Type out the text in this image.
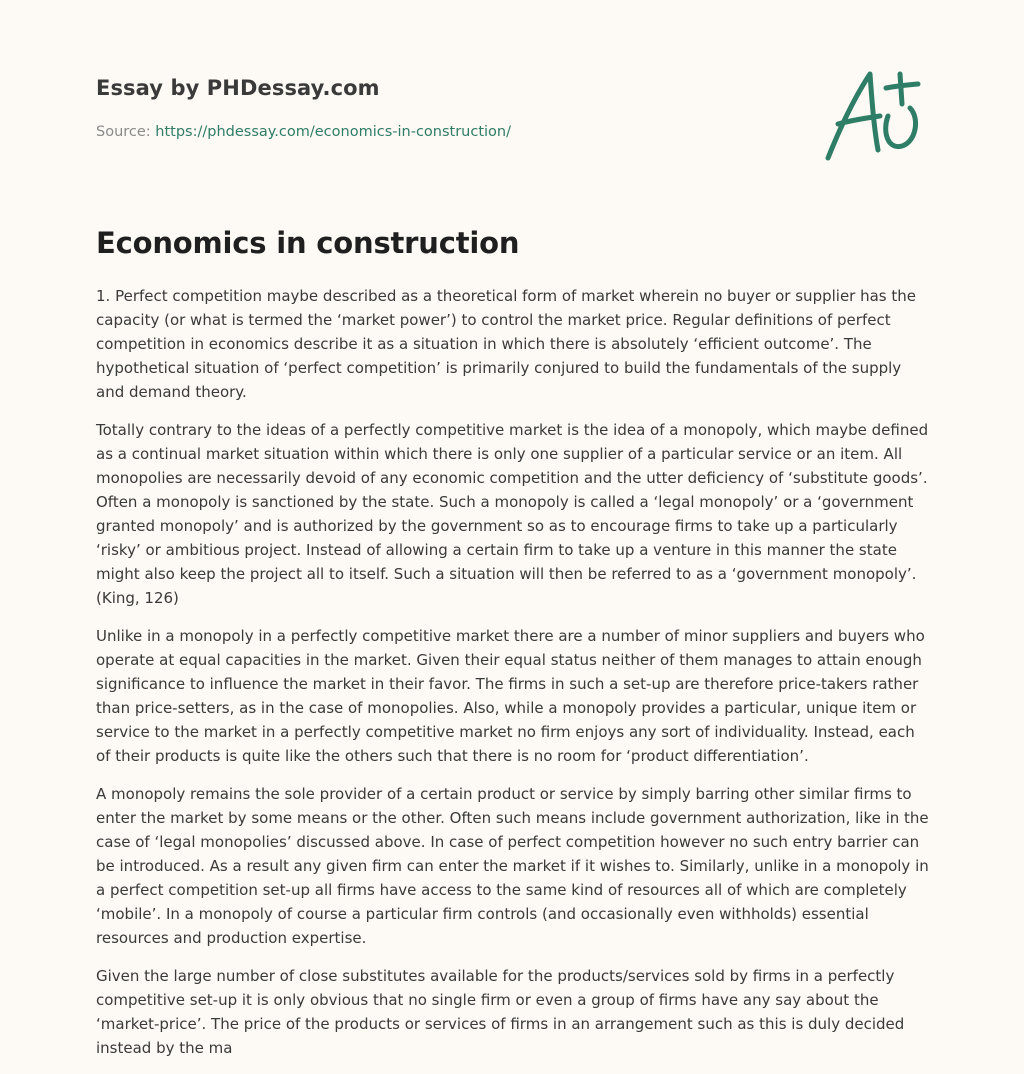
Essay by PHDessay.com
Source: https://phdessay.com/economics-in-construction/
Economics in construction

1. Perfect competition maybe described as a theoretical form of market wherein no buyer or supplier has the capacity (or what is termed the ‘market power’) to control the market price. Regular definitions of perfect competition in economics describe it as a situation in which there is absolutely ‘efficient outcome’. The hypothetical situation of ‘perfect competition’ is primarily conjured to build the fundamentals of the supply and demand theory.

Totally contrary to the ideas of a perfectly competitive market is the idea of a monopoly, which maybe defined as a continual market situation within which there is only one supplier of a particular service or an item. All monopolies are necessarily devoid of any economic competition and the utter deficiency of ‘substitute goods’. Often a monopoly is sanctioned by the state. Such a monopoly is called a ‘legal monopoly’ or a ‘government granted monopoly’ and is authorized by the government so as to encourage firms to take up a particularly ‘risky’ or ambitious project. Instead of allowing a certain firm to take up a venture in this manner the state might also keep the project all to itself. Such a situation will then be referred to as a ‘government monopoly’. (King, 126)

Unlike in a monopoly in a perfectly competitive market there are a number of minor suppliers and buyers who operate at equal capacities in the market. Given their equal status neither of them manages to attain enough significance to influence the market in their favor. The firms in such a set-up are therefore price-takers rather than price-setters, as in the case of monopolies. Also, while a monopoly provides a particular, unique item or service to the market in a perfectly competitive market no firm enjoys any sort of individuality. Instead, each of their products is quite like the others such that there is no room for ‘product differentiation’.

A monopoly remains the sole provider of a certain product or service by simply barring other similar firms to enter the market by some means or the other. Often such means include government authorization, like in the case of ‘legal monopolies’ discussed above. In case of perfect competition however no such entry barrier can be introduced. As a result any given firm can enter the market if it wishes to. Similarly, unlike in a monopoly in a perfect competition set-up all firms have access to the same kind of resources all of which are completely ‘mobile’. In a monopoly of course a particular firm controls (and occasionally even withholds) essential resources and production expertise.

Given the large number of close substitutes available for the products/services sold by firms in a perfectly competitive set-up it is only obvious that no single firm or even a group of firms have any say about the ‘market-price’. The price of the products or services of firms in an arrangement such as this is duly decided instead by the ma
